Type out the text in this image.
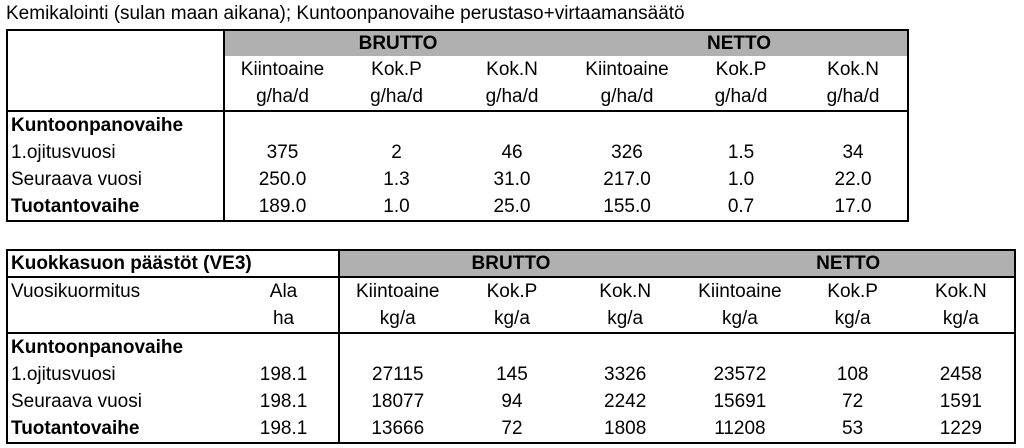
Kemikalointi (sulan maan aikana); Kuntoonpanovaihe perustaso+virtaamansäätö
	BRUTTO			NETTO		
	Kiintoaine	Kok.P	Kok.N	Kiintoaine	Kok.P	Kok.N
	g/ha/d	g/ha/d	g/ha/d	g/ha/d	g/ha/d	g/ha/d
Kuntoonpanovaihe						
1.ojitusvuosi	375	2	46	326	1.5	34
Seuraava vuosi	250.0	1.3	31.0	217.0	1.0	22.0
Tuotantovaihe	189.0	1.0	25.0	155.0	0.7	17.0
Kuokkasuon päästöt (VE3)		BRUTTO			NETTO		
Vuosikuormitus	Ala	Kiintoaine	Kok.P	Kok.N	Kiintoaine	Kok.P	Kok.N
	ha	kg/a	kg/a	kg/a	kg/a	kg/a	kg/a
Kuntoonpanovaihe							
1.ojitusvuosi	198.1	27115	145	3326	23572	108	2458
Seuraava vuosi	198.1	18077	94	2242	15691	72	1591
Tuotantovaihe	198.1	13666	72	1808	11208	53	1229
